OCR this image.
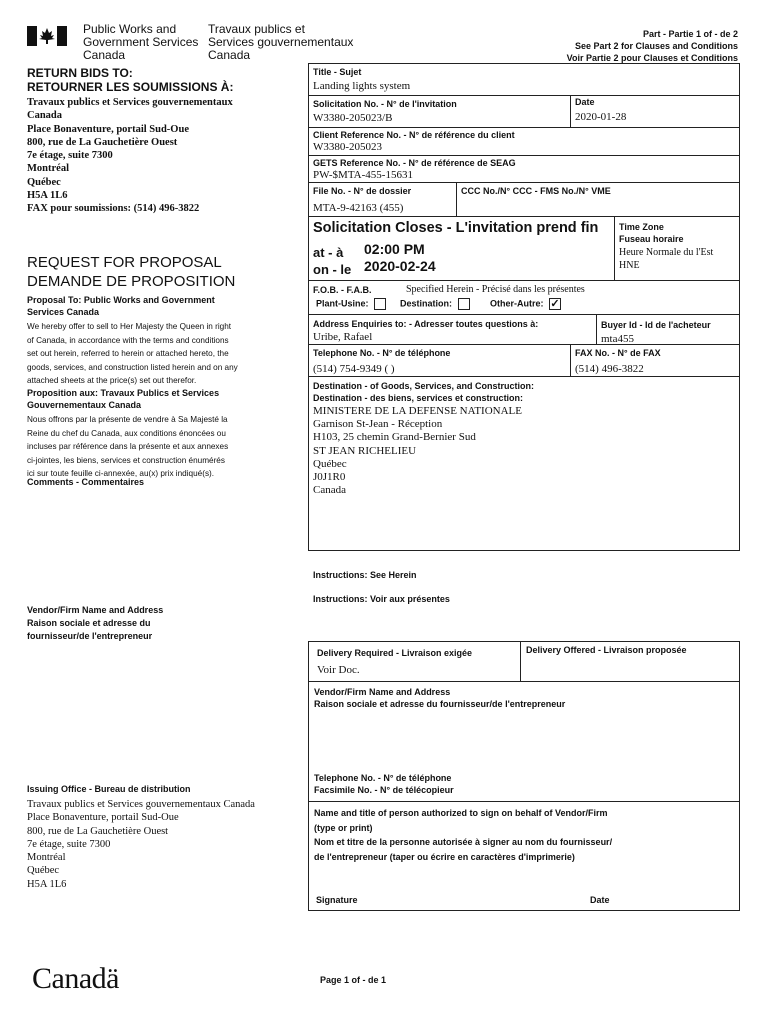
Public Works and
Government Services
Canada
Travaux publics et
Services gouvernementaux
Canada
Part - Partie 1 of - de 2
See Part 2 for Clauses and Conditions
Voir Partie 2 pour Clauses et Conditions
RETURN BIDS TO:
RETOURNER LES SOUMISSIONS À:
Travaux publics et Services gouvernementaux
Canada
Place Bonaventure, portail Sud-Oue
800, rue de La Gauchetière Ouest
7e étage, suite 7300
Montréal
Québec
H5A 1L6
FAX pour soumissions: (514) 496-3822
REQUEST FOR PROPOSAL
DEMANDE DE PROPOSITION
Proposal To: Public Works and Government
Services Canada
We hereby offer to sell to Her Majesty the Queen in right
of Canada, in accordance with the terms and conditions
set out herein, referred to herein or attached hereto, the
goods, services, and construction listed herein and on any
attached sheets at the price(s) set out therefor.
Proposition aux: Travaux Publics et Services
Gouvernementaux Canada
Nous offrons par la présente de vendre à Sa Majesté la
Reine du chef du Canada, aux conditions énoncées ou
incluses par référence dans la présente et aux annexes
ci-jointes, les biens, services et construction énumérés
ici sur toute feuille ci-annexée, au(x) prix indiqué(s).
Comments - Commentaires
Vendor/Firm Name and Address
Raison sociale et adresse du
fournisseur/de l'entrepreneur
Issuing Office - Bureau de distribution
Travaux publics et Services gouvernementaux Canada
Place Bonaventure, portail Sud-Oue
800, rue de La Gauchetière Ouest
7e étage, suite 7300
Montréal
Québec
H5A 1L6
Title - Sujet
Landing lights system
Solicitation No. - N° de l'invitation
W3380-205023/B
Date
2020-01-28
Client Reference No. - N° de référence du client
W3380-205023
GETS Reference No. - N° de référence de SEAG
PW-$MTA-455-15631
File No. - N° de dossier
MTA-9-42163 (455)
CCC No./N° CCC - FMS No./N° VME
Solicitation Closes - L'invitation prend fin
at - à 02:00 PM
on - le 2020-02-24
Time Zone
Fuseau horaire
Heure Normale du l'Est
HNE
F.O.B. - F.A.B.	Specified Herein - Précisé dans les présentes
Plant-Usine:	Destination:	Other-Autre: ✓
Address Enquiries to: - Adresser toutes questions à:
Uribe, Rafael
Buyer Id - Id de l'acheteur
mta455
Telephone No. - N° de téléphone
(514) 754-9349 ( )
FAX No. - N° de FAX
(514) 496-3822
Destination - of Goods, Services, and Construction:
Destination - des biens, services et construction:
MINISTERE DE LA DEFENSE NATIONALE
Garnison St-Jean - Réception
H103, 25 chemin Grand-Bernier Sud
ST JEAN RICHELIEU
Québec
J0J1R0
Canada
Instructions: See Herein
Instructions: Voir aux présentes
Delivery Required - Livraison exigée
Voir Doc.
Delivery Offered - Livraison proposée
Vendor/Firm Name and Address
Raison sociale et adresse du fournisseur/de l'entrepreneur
Telephone No. - N° de téléphone
Facsimile No. - N° de télécopieur
Name and title of person authorized to sign on behalf of Vendor/Firm
(type or print)
Nom et titre de la personne autorisée à signer au nom du fournisseur/
de l'entrepreneur (taper ou écrire en caractères d'imprimerie)
Signature	Date
Canadä	Page 1 of - de 1
